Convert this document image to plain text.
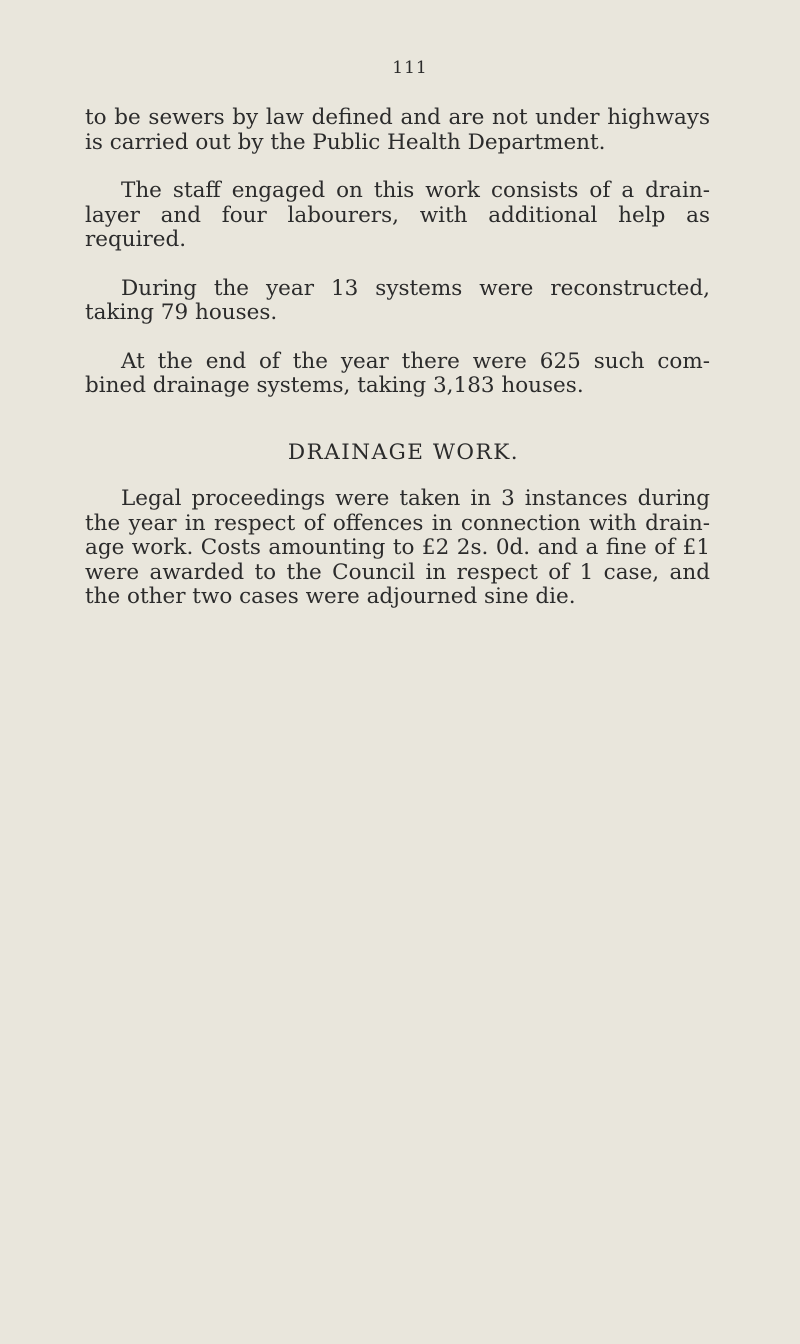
111

to be sewers by law defined and are not under highways is carried out by the Public Health Department.

The staff engaged on this work consists of a drain- layer and four labourers, with additional help as required.

During the year 13 systems were reconstructed, taking 79 houses.

At the end of the year there were 625 such com- bined drainage systems, taking 3,183 houses.

DRAINAGE WORK.

Legal proceedings were taken in 3 instances during the year in respect of offences in connection with drain- age work. Costs amounting to £2 2s. 0d. and a fine of £1 were awarded to the Council in respect of 1 case, and the other two cases were adjourned sine die.
